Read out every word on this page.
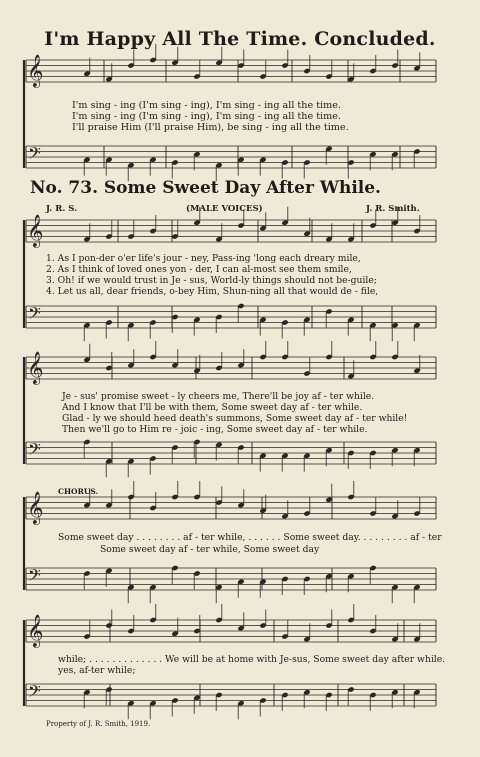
I'm Happy All The Time. Concluded.
I'm sing - ing (I'm sing - ing), I'm sing - ing all the time.
I'm sing - ing (I'm sing - ing), I'm sing - ing all the time.
I'll praise Him (I'll praise Him), be sing - ing all the time.
No. 73. Some Sweet Day After While.
J. R. S.	(MALE VOICES)	J. R. Smith.
1. As I pon-der o'er life's jour - ney, Pass-ing 'long each dreary mile,
2. As I think of loved ones yon - der, I can al-most see them smile,
3. Oh! if we would trust in Je - sus, World-ly things should not be-guile;
4. Let us all, dear friends, o-bey Him, Shun-ning all that would de - file,
Je - sus' promise sweet - ly cheers me, There'll be joy af - ter while.
And I know that I'll be with them, Some sweet day af - ter while.
Glad - ly we should heed death's summons, Some sweet day af - ter while!
Then we'll go to Him re - joic - ing, Some sweet day af - ter while.
CHORUS.
Some sweet day . . . . . . . . af - ter while, . . . . . . Some sweet day. . . . . . . . . af - ter
Some sweet day af - ter while, Some sweet day
while; . . . . . . . . . . . . . We will be at home with Je-sus, Some sweet day after while.
yes, af-ter while;
Property of J. R. Smith, 1919.
𝄞
𝄢
𝄞
𝄢
𝄞
𝄢
𝄞
𝄢
𝄞
𝄢
